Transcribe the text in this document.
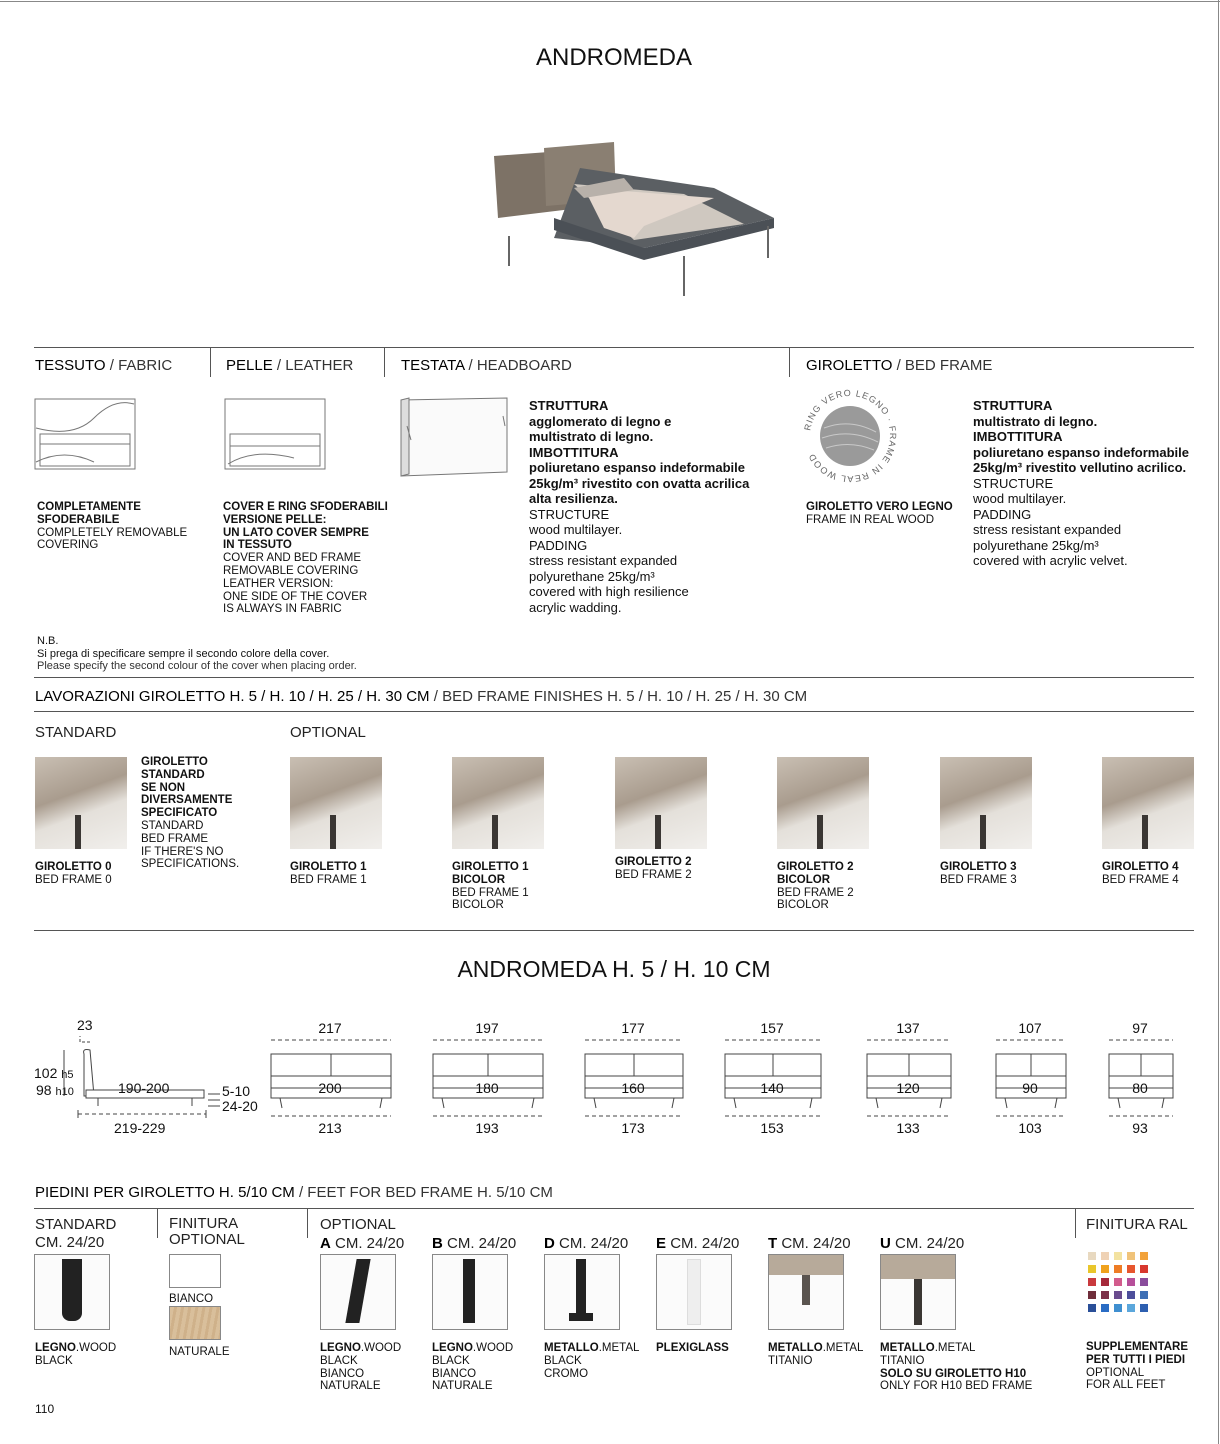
ANDROMEDA
TESSUTO / FABRIC	PELLE / LEATHER	TESTATA / HEADBOARD	GIROLETTO / BED FRAME
COMPLETAMENTE
SFODERABILE
COMPLETELY REMOVABLE
COVERING
COVER E RING SFODERABILI
VERSIONE PELLE:
UN LATO COVER SEMPRE
IN TESSUTO
COVER AND BED FRAME
REMOVABLE COVERING
LEATHER VERSION:
ONE SIDE OF THE COVER
IS ALWAYS IN FABRIC
STRUTTURA
agglomerato di legno e
multistrato di legno.
IMBOTTITURA
poliuretano espanso indeformabile
25kg/m³ rivestito con ovatta acrilica
alta resilienza.
STRUCTURE
wood multilayer.
PADDING
stress resistant expanded
polyurethane 25kg/m³
covered with high resilience
acrylic wadding.
RING VERO LEGNO · FRAME IN REAL WOOD
GIROLETTO VERO LEGNO
FRAME IN REAL WOOD
STRUTTURA
multistrato di legno.
IMBOTTITURA
poliuretano espanso indeformabile
25kg/m³ rivestito vellutino acrilico.
STRUCTURE
wood multilayer.
PADDING
stress resistant expanded
polyurethane 25kg/m³
covered with acrylic velvet.
N.B.
Si prega di specificare sempre il secondo colore della cover.
Please specify the second colour of the cover when placing order.
LAVORAZIONI GIROLETTO H. 5 / H. 10 / H. 25 / H. 30 CM / BED FRAME FINISHES H. 5 / H. 10 / H. 25 / H. 30 CM
STANDARD	OPTIONAL
GIROLETTO
STANDARD
SE NON
DIVERSAMENTE
SPECIFICATO
STANDARD
BED FRAME
IF THERE'S NO
SPECIFICATIONS.
GIROLETTO 0
BED FRAME 0
GIROLETTO 1
BED FRAME 1
GIROLETTO 1
BICOLOR
BED FRAME 1
BICOLOR
GIROLETTO 2
BED FRAME 2
GIROLETTO 2
BICOLOR
BED FRAME 2
BICOLOR
GIROLETTO 3
BED FRAME 3
GIROLETTO 4
BED FRAME 4
ANDROMEDA H. 5 / H. 10 CM
23
102 h5
98 h10	190-200
219-229
5-10
24-20
217
200
213
197
180
193
177
160
173
157
140
153
137
120
133
107
90
103
97
80
93
PIEDINI PER GIROLETTO H. 5/10 CM / FEET FOR BED FRAME H. 5/10 CM
STANDARD
CM. 24/20
LEGNO.WOOD
BLACK
FINITURA
OPTIONAL
BIANCO
NATURALE
OPTIONAL
A CM. 24/20
LEGNO.WOOD
BLACK
BIANCO
NATURALE
B CM. 24/20
LEGNO.WOOD
BLACK
BIANCO
NATURALE
D CM. 24/20
METALLO.METAL
BLACK
CROMO
E CM. 24/20
PLEXIGLASS
T CM. 24/20
METALLO.METAL
TITANIO
U CM. 24/20
METALLO.METAL
TITANIO
SOLO SU GIROLETTO H10
ONLY FOR H10 BED FRAME
FINITURA RAL
SUPPLEMENTARE
PER TUTTI I PIEDI
OPTIONAL
FOR ALL FEET
110
